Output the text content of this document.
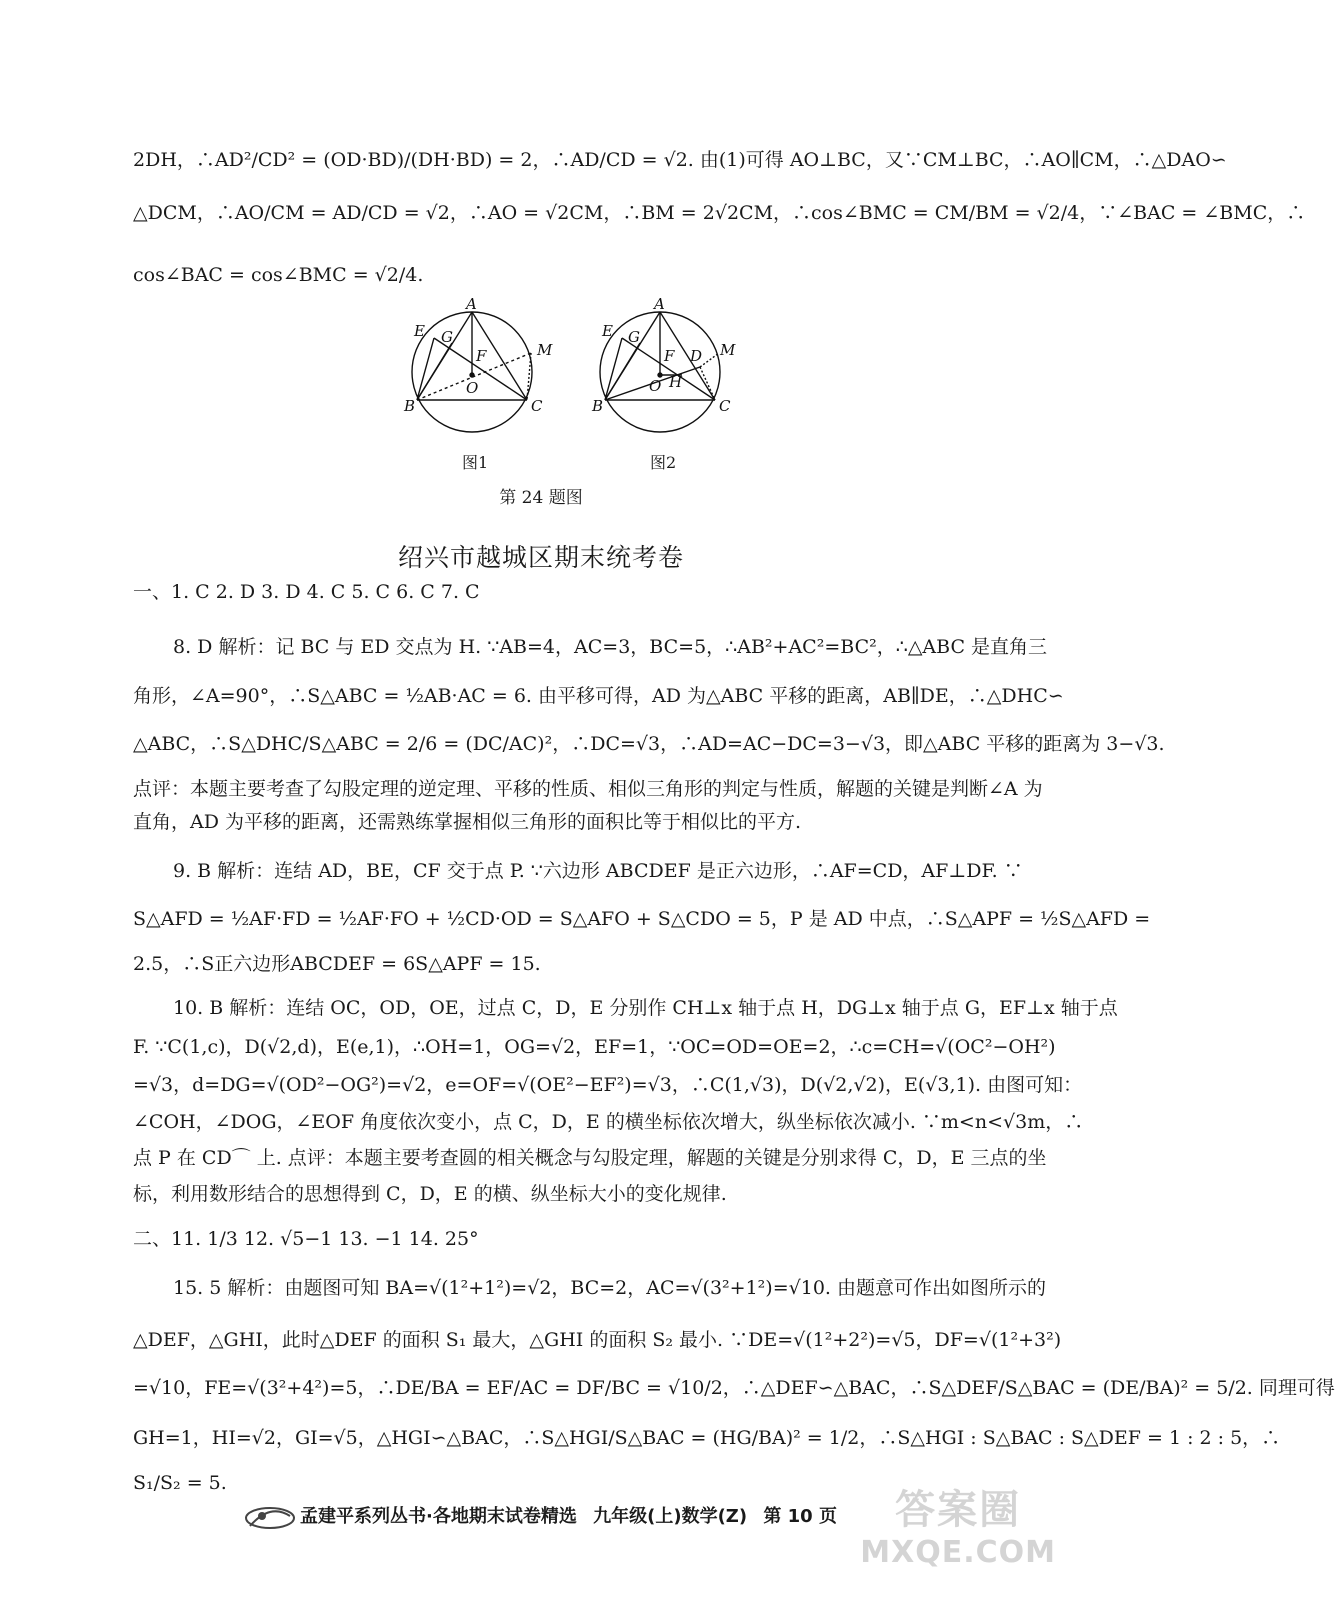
2DH，∴AD²/CD² = (OD·BD)/(DH·BD) = 2，∴AD/CD = √2. 由(1)可得 AO⊥BC，又∵CM⊥BC，∴AO∥CM，∴△DAO∽
△DCM，∴AO/CM = AD/CD = √2，∴AO = √2CM，∴BM = 2√2CM，∴cos∠BMC = CM/BM = √2/4，∵∠BAC = ∠BMC，∴
cos∠BAC = cos∠BMC = √2/4.
A
E G
F
O
M
B	C
A
E G
F
O H
D M
B	C
图1	图2
第 24 题图
绍兴市越城区期末统考卷
一、1. C 2. D 3. D 4. C 5. C 6. C 7. C
8. D 解析：记 BC 与 ED 交点为 H. ∵AB=4，AC=3，BC=5，∴AB²+AC²=BC²，∴△ABC 是直角三
角形，∠A=90°，∴S△ABC = ½AB·AC = 6. 由平移可得，AD 为△ABC 平移的距离，AB∥DE，∴△DHC∽
△ABC，∴S△DHC/S△ABC = 2/6 = (DC/AC)²，∴DC=√3，∴AD=AC−DC=3−√3，即△ABC 平移的距离为 3−√3.
点评：本题主要考查了勾股定理的逆定理、平移的性质、相似三角形的判定与性质，解题的关键是判断∠A 为
直角，AD 为平移的距离，还需熟练掌握相似三角形的面积比等于相似比的平方.
9. B 解析：连结 AD，BE，CF 交于点 P. ∵六边形 ABCDEF 是正六边形，∴AF=CD，AF⊥DF. ∵
S△AFD = ½AF·FD = ½AF·FO + ½CD·OD = S△AFO + S△CDO = 5，P 是 AD 中点，∴S△APF = ½S△AFD =
2.5，∴S正六边形ABCDEF = 6S△APF = 15.
10. B 解析：连结 OC，OD，OE，过点 C，D，E 分别作 CH⊥x 轴于点 H，DG⊥x 轴于点 G，EF⊥x 轴于点
F. ∵C(1,c)，D(√2,d)，E(e,1)，∴OH=1，OG=√2，EF=1，∵OC=OD=OE=2，∴c=CH=√(OC²−OH²)
=√3，d=DG=√(OD²−OG²)=√2，e=OF=√(OE²−EF²)=√3，∴C(1,√3)，D(√2,√2)，E(√3,1). 由图可知：
∠COH，∠DOG，∠EOF 角度依次变小，点 C，D，E 的横坐标依次增大，纵坐标依次减小. ∵m<n<√3m，∴
点 P 在 CD⌒ 上. 点评：本题主要考查圆的相关概念与勾股定理，解题的关键是分别求得 C，D，E 三点的坐
标，利用数形结合的思想得到 C，D，E 的横、纵坐标大小的变化规律.
二、11. 1/3 12. √5−1 13. −1 14. 25°
15. 5 解析：由题图可知 BA=√(1²+1²)=√2，BC=2，AC=√(3²+1²)=√10. 由题意可作出如图所示的
△DEF，△GHI，此时△DEF 的面积 S₁ 最大，△GHI 的面积 S₂ 最小. ∵DE=√(1²+2²)=√5，DF=√(1²+3²)
=√10，FE=√(3²+4²)=5，∴DE/BA = EF/AC = DF/BC = √10/2，∴△DEF∽△BAC，∴S△DEF/S△BAC = (DE/BA)² = 5/2. 同理可得
GH=1，HI=√2，GI=√5，△HGI∽△BAC，∴S△HGI/S△BAC = (HG/BA)² = 1/2，∴S△HGI : S△BAC : S△DEF = 1 : 2 : 5，∴
S₁/S₂ = 5.
孟建平系列丛书·各地期末试卷精选 九年级(上)数学(Z) 第 10 页	答案圈
MXQE.COM
